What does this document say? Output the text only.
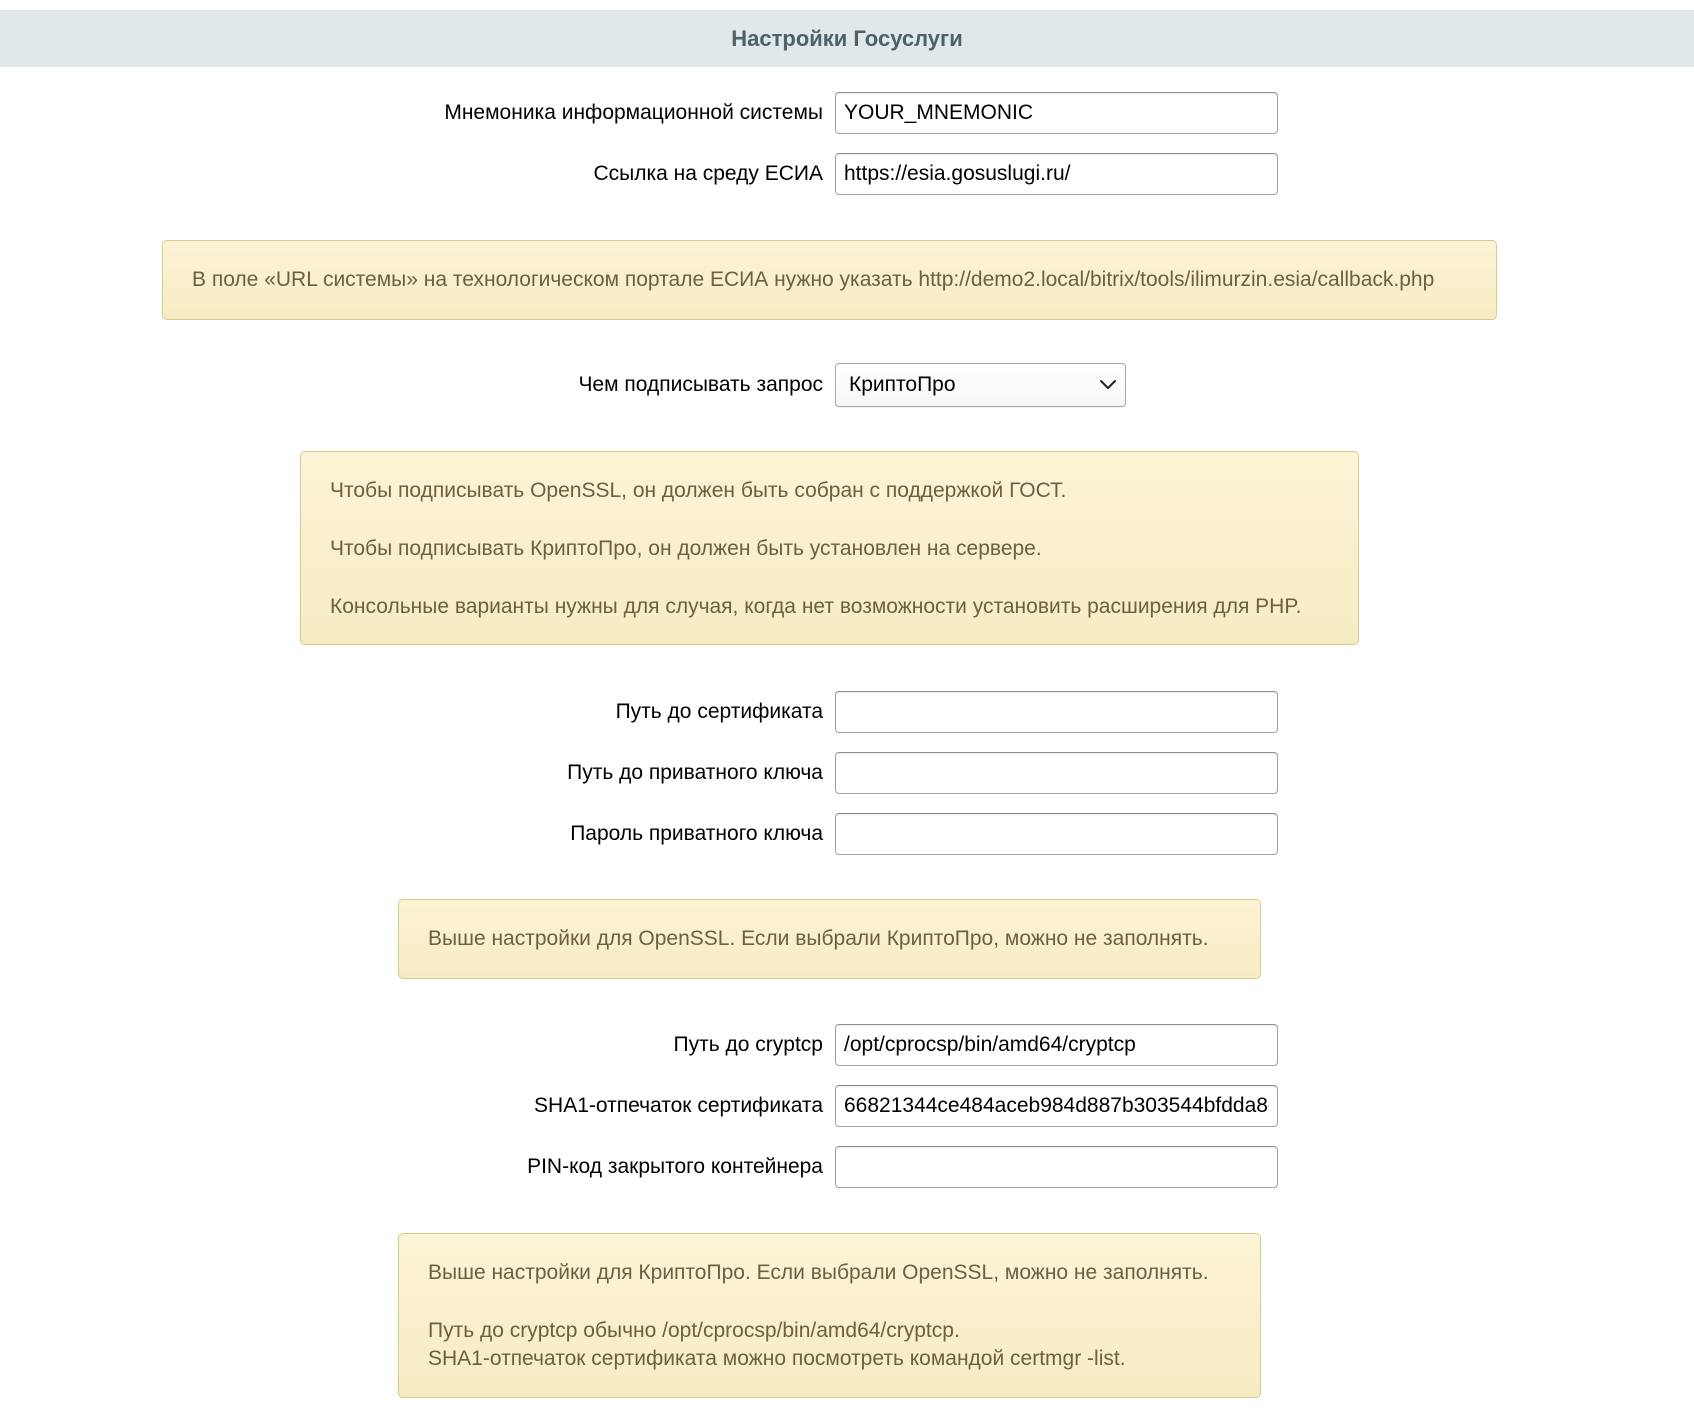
Настройки Госуслуги
Мнемоника информационной системы
YOUR_MNEMONIC
Ссылка на среду ЕСИА
https://esia.gosuslugi.ru/

В поле «URL системы» на технологическом портале ЕСИА нужно указать http://demo2.local/bitrix/tools/ilimurzin.esia/callback.php

Чем подписывать запрос КриптоПро

Чтобы подписывать OpenSSL, он должен быть собран с поддержкой ГОСТ.

Чтобы подписывать КриптоПро, он должен быть установлен на сервере.

Консольные варианты нужны для случая, когда нет возможности установить расширения для PHP.

Путь до сертификата
Путь до приватного ключа
Пароль приватного ключа

Выше настройки для OpenSSL. Если выбрали КриптоПро, можно не заполнять.

Путь до cryptcp
/opt/cprocsp/bin/amd64/cryptcp
SHA1-отпечаток сертификата
66821344ce484aceb984d887b303544bfdda8e
PIN-код закрытого контейнера

Выше настройки для КриптоПро. Если выбрали OpenSSL, можно не заполнять.

Путь до cryptcp обычно /opt/cprocsp/bin/amd64/cryptcp.

SHA1-отпечаток сертификата можно посмотреть командой certmgr -list.
